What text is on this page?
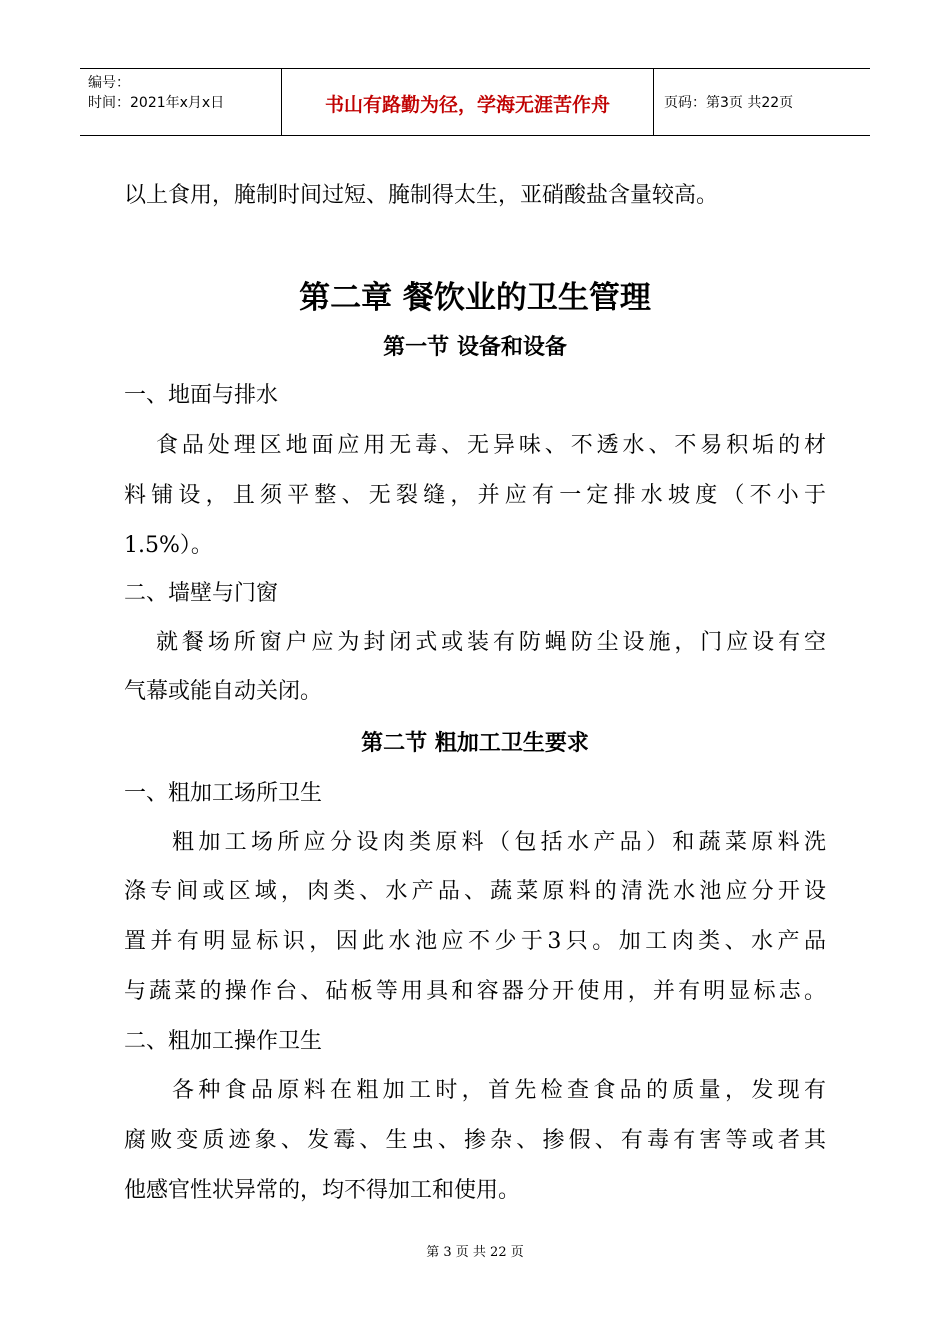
编号：
时间：2021年x月x日	书山有路勤为径，学海无涯苦作舟	页码：第3页 共22页
以上食用，腌制时间过短、腌制得太生，亚硝酸盐含量较高。
第二章 餐饮业的卫生管理
第一节 设备和设备
一、地面与排水
食品处理区地面应用无毒、无异味、不透水、不易积垢的材
料铺设，且须平整、无裂缝，并应有一定排水坡度（不小于
1.5%）。
二、墙壁与门窗
就餐场所窗户应为封闭式或装有防蝇防尘设施，门应设有空
气幕或能自动关闭。
第二节 粗加工卫生要求
一、粗加工场所卫生
粗加工场所应分设肉类原料（包括水产品）和蔬菜原料洗
涤专间或区域，肉类、水产品、蔬菜原料的清洗水池应分开设
置并有明显标识，因此水池应不少于3只。加工肉类、水产品
与蔬菜的操作台、砧板等用具和容器分开使用，并有明显标志。
二、粗加工操作卫生
各种食品原料在粗加工时，首先检查食品的质量，发现有
腐败变质迹象、发霉、生虫、掺杂、掺假、有毒有害等或者其
他感官性状异常的，均不得加工和使用。
第 3 页 共 22 页
